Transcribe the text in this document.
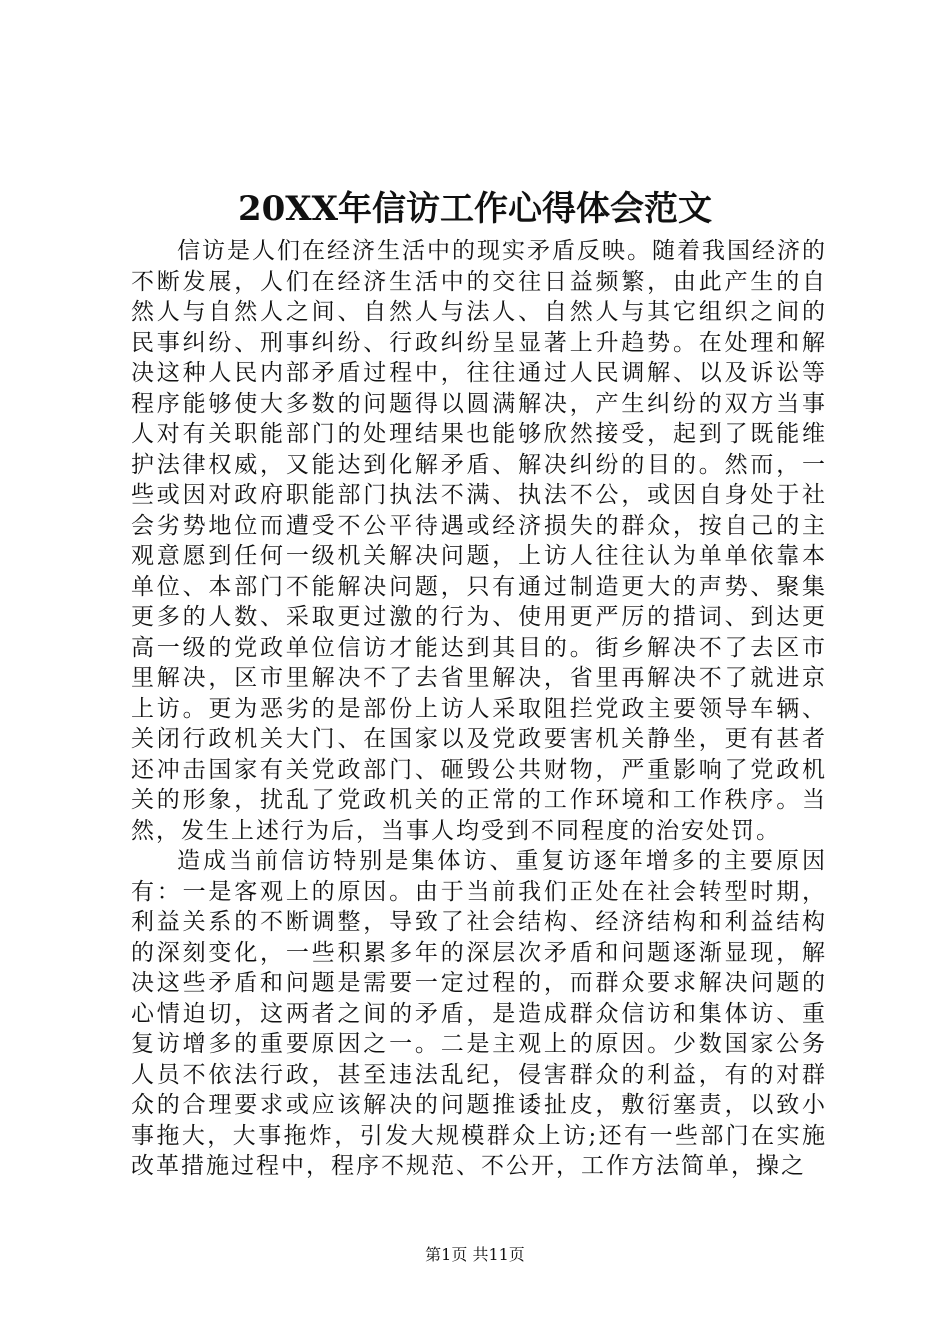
20XX年信访工作心得体会范文

信访是人们在经济生活中的现实矛盾反映。随着我国经济的不断发展，人们在经济生活中的交往日益频繁，由此产生的自然人与自然人之间、自然人与法人、自然人与其它组织之间的民事纠纷、刑事纠纷、行政纠纷呈显著上升趋势。在处理和解决这种人民内部矛盾过程中，往往通过人民调解、以及诉讼等程序能够使大多数的问题得以圆满解决，产生纠纷的双方当事人对有关职能部门的处理结果也能够欣然接受，起到了既能维护法律权威，又能达到化解矛盾、解决纠纷的目的。然而，一些或因对政府职能部门执法不满、执法不公，或因自身处于社会劣势地位而遭受不公平待遇或经济损失的群众，按自己的主观意愿到任何一级机关解决问题，上访人往往认为单单依靠本单位、本部门不能解决问题，只有通过制造更大的声势、聚集更多的人数、采取更过激的行为、使用更严厉的措词、到达更高一级的党政单位信访才能达到其目的。街乡解决不了去区市里解决，区市里解决不了去省里解决，省里再解决不了就进京上访。更为恶劣的是部份上访人采取阻拦党政主要领导车辆、关闭行政机关大门、在国家以及党政要害机关静坐，更有甚者还冲击国家有关党政部门、砸毁公共财物，严重影响了党政机关的形象，扰乱了党政机关的正常的工作环境和工作秩序。当然，发生上述行为后，当事人均受到不同程度的治安处罚。

造成当前信访特别是集体访、重复访逐年增多的主要原因有：一是客观上的原因。由于当前我们正处在社会转型时期，利益关系的不断调整，导致了社会结构、经济结构和利益结构的深刻变化，一些积累多年的深层次矛盾和问题逐渐显现，解决这些矛盾和问题是需要一定过程的，而群众要求解决问题的心情迫切，这两者之间的矛盾，是造成群众信访和集体访、重复访增多的重要原因之一。二是主观上的原因。少数国家公务人员不依法行政，甚至违法乱纪，侵害群众的利益，有的对群众的合理要求或应该解决的问题推诿扯皮，敷衍塞责，以致小事拖大，大事拖炸，引发大规模群众上访;还有一些部门在实施改革措施过程中，程序不规范、不公开，工作方法简单，操之

第1页 共11页
